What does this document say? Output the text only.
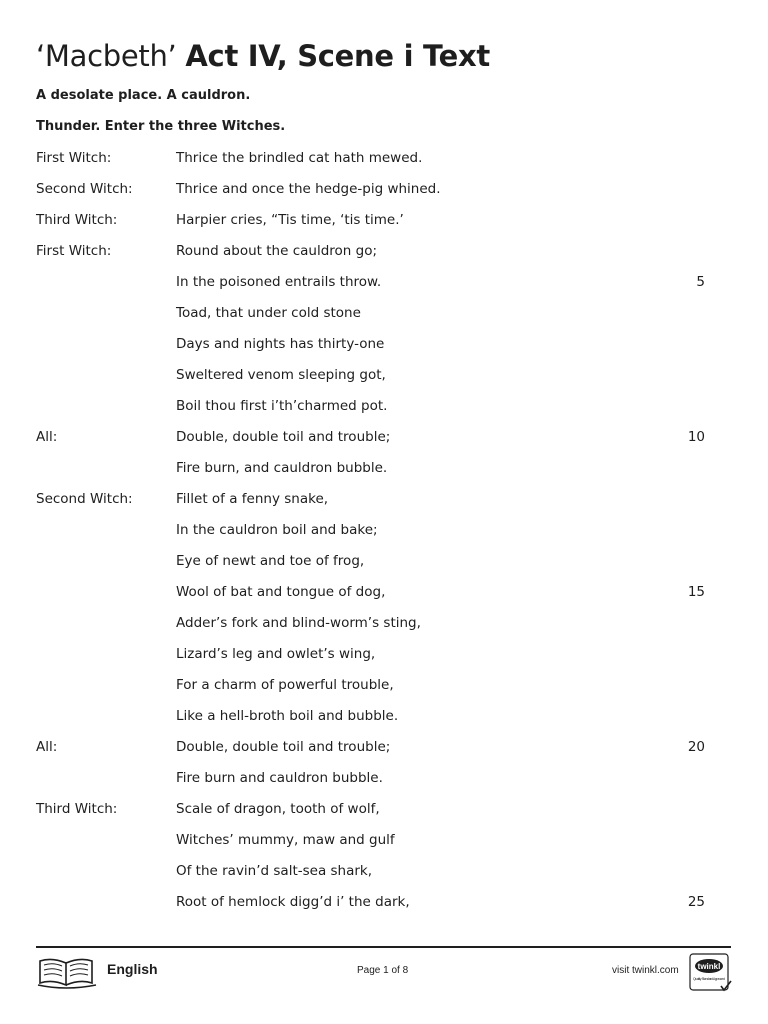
‘Macbeth’ Act IV, Scene i Text
A desolate place. A cauldron.
Thunder. Enter the three Witches.
First Witch:	Thrice the brindled cat hath mewed.
Second Witch:	Thrice and once the hedge-pig whined.
Third Witch:	Harpier cries, “Tis time, ‘tis time.’
First Witch:	Round about the cauldron go;
In the poisoned entrails throw.	5
Toad, that under cold stone
Days and nights has thirty-one
Sweltered venom sleeping got,
Boil thou first i’th’charmed pot.
All:	Double, double toil and trouble;	10
Fire burn, and cauldron bubble.
Second Witch:	Fillet of a fenny snake,
In the cauldron boil and bake;
Eye of newt and toe of frog,
Wool of bat and tongue of dog,	15
Adder’s fork and blind-worm’s sting,
Lizard’s leg and owlet’s wing,
For a charm of powerful trouble,
Like a hell-broth boil and bubble.
All:	Double, double toil and trouble;	20
Fire burn and cauldron bubble.
Third Witch:	Scale of dragon, tooth of wolf,
Witches’ mummy, maw and gulf
Of the ravin’d salt-sea shark,
Root of hemlock digg’d i’ the dark,	25
English	Page 1 of 8	visit twinkl.com twinkl
Quality Standard Approved
